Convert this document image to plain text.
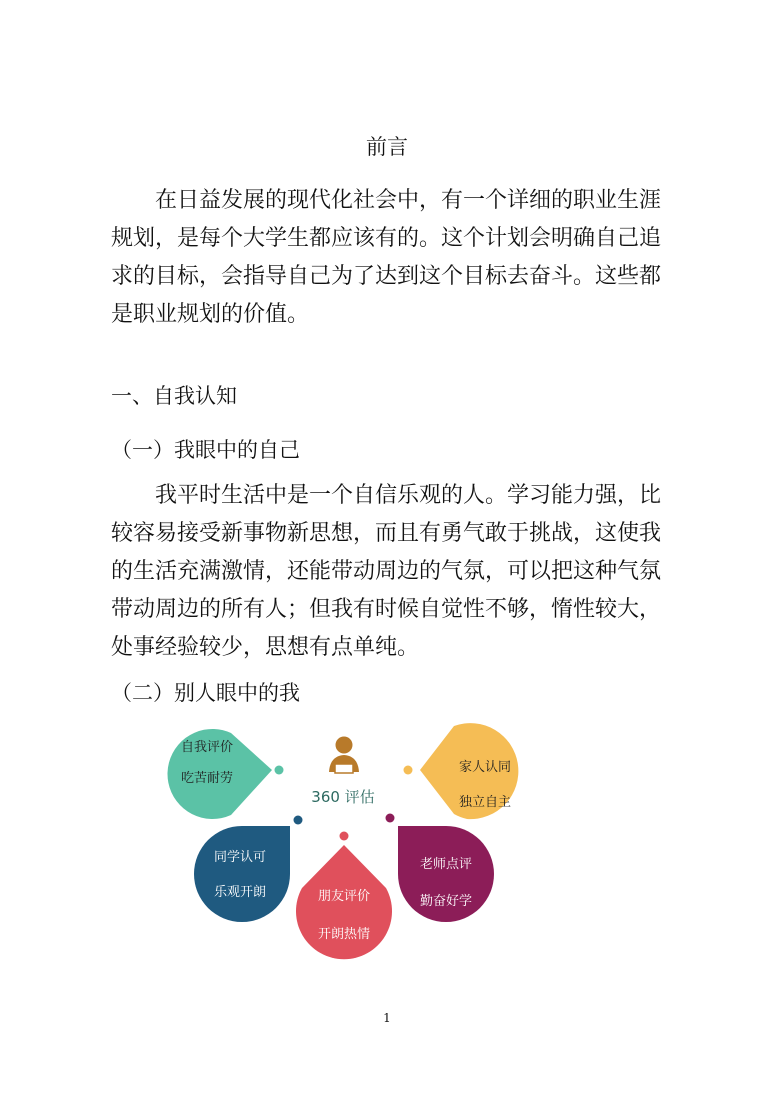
前言

在日益发展的现代化社会中，有一个详细的职业生涯
规划，是每个大学生都应该有的。这个计划会明确自己追
求的目标，会指导自己为了达到这个目标去奋斗。这些都
是职业规划的价值。

一、自我认知
（一）我眼中的自己

我平时生活中是一个自信乐观的人。学习能力强，比
较容易接受新事物新思想，而且有勇气敢于挑战，这使我
的生活充满激情，还能带动周边的气氛，可以把这种气氛
带动周边的所有人；但我有时候自觉性不够，惰性较大，
处事经验较少，思想有点单纯。

（二）别人眼中的我
360 评估
自我评价
吃苦耐劳
家人认同
独立自主
同学认可
乐观开朗	朋友评价
开朗热情
老师点评
勤奋好学
1
